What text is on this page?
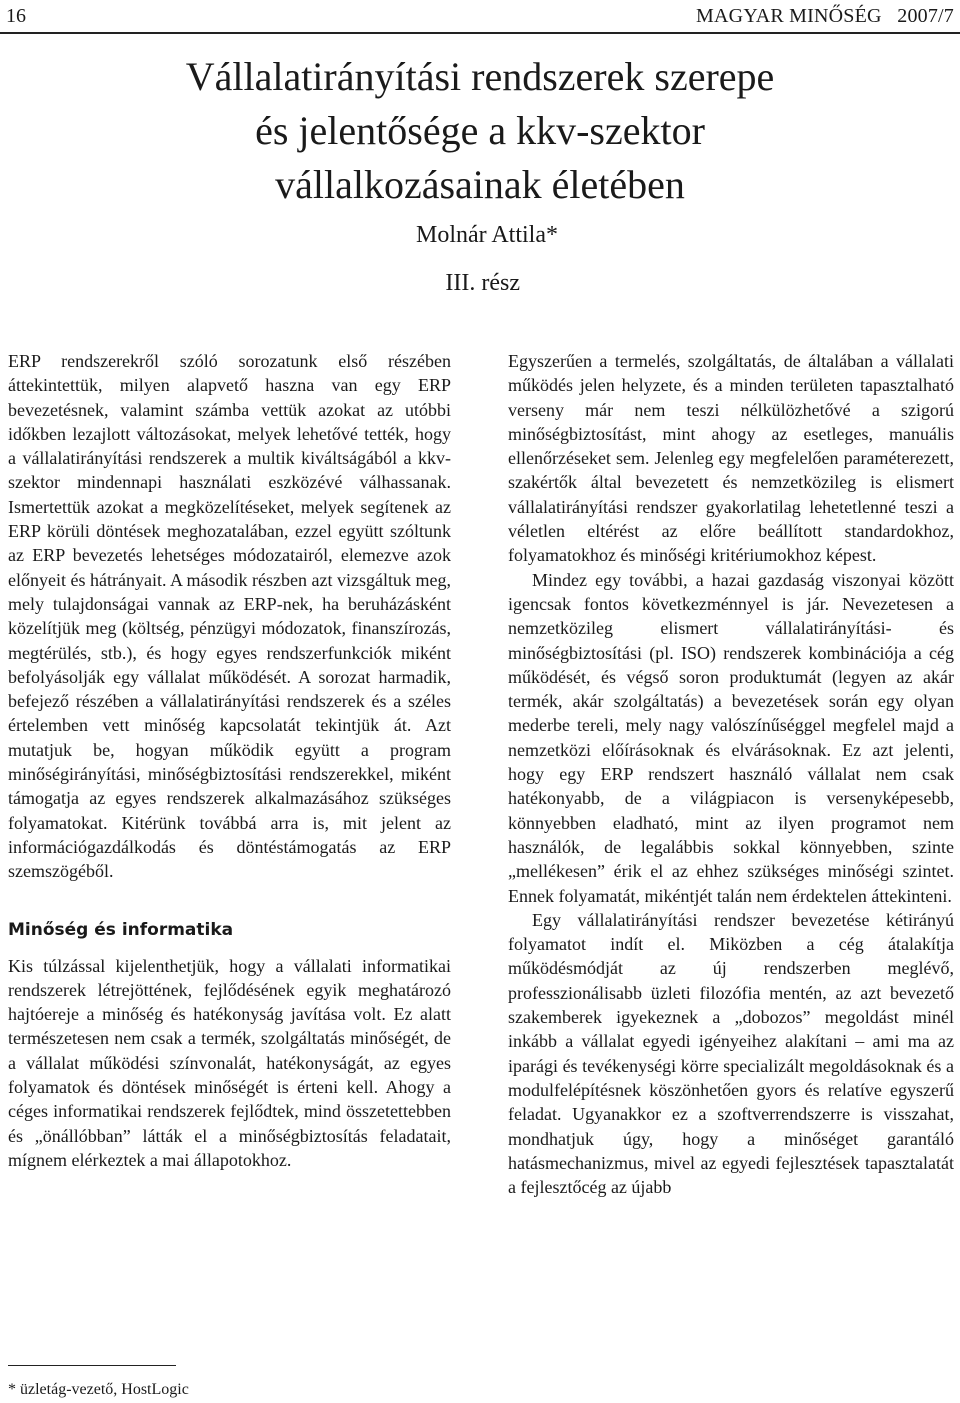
16	MAGYAR MINŐSÉG   2007/7
Vállalatirányítási rendszerek szerepe
és jelentősége a kkv-szektor
vállalkozásainak életében
Molnár Attila*
III. rész

ERP rendszerekről szóló sorozatunk első részében áttekintettük, milyen alapvető haszna van egy ERP bevezetésnek, valamint számba vettük azokat az utóbbi időkben lezajlott változásokat, melyek lehetővé tették, hogy a vállalatirányítási rendszerek a multik kiváltságából a kkv-szektor mindennapi használati eszközévé válhassanak. Ismertettük azokat a megközelítéseket, melyek segítenek az ERP körüli döntések meghozatalában, ezzel együtt szóltunk az ERP bevezetés lehetséges módozatairól, elemezve azok előnyeit és hátrányait. A második részben azt vizsgáltuk meg, mely tulajdonságai vannak az ERP-nek, ha beruházásként közelítjük meg (költség, pénzügyi módozatok, finanszírozás, megtérülés, stb.), és hogy egyes rendszerfunkciók miként befolyásolják egy vállalat működését. A sorozat harmadik, befejező részében a vállalatirányítási rendszerek és a széles értelemben vett minőség kapcsolatát tekintjük át. Azt mutatjuk be, hogyan működik együtt a program minőségirányítási, minőségbiztosítási rendszerekkel, miként támogatja az egyes rendszerek alkalmazásához szükséges folyamatokat. Kitérünk továbbá arra is, mit jelent az információgazdálkodás és döntéstámogatás az ERP szemszögéből.

Minőség és informatika

Kis túlzással kijelenthetjük, hogy a vállalati informatikai rendszerek létrejöttének, fejlődésének egyik meghatározó hajtóereje a minőség és hatékonyság javítása volt. Ez alatt természetesen nem csak a termék, szolgáltatás minőségét, de a vállalat működési színvonalát, hatékonyságát, az egyes folyamatok és döntések minőségét is érteni kell. Ahogy a céges informatikai rendszerek fejlődtek, mind összetettebben és „önállóbban” látták el a minőségbiztosítás feladatait, mígnem elérkeztek a mai állapotokhoz.

Egyszerűen a termelés, szolgáltatás, de általában a vállalati működés jelen helyzete, és a minden területen tapasztalható verseny már nem teszi nélkülözhetővé a szigorú minőségbiztosítást, mint ahogy az esetleges, manuális ellenőrzéseket sem. Jelenleg egy megfelelően paraméterezett, szakértők által bevezetett és nemzetközileg is elismert vállalatirányítási rendszer gyakorlatilag lehetetlenné teszi a véletlen eltérést az előre beállított standardokhoz, folyamatokhoz és minőségi kritériumokhoz képest.

Mindez egy további, a hazai gazdaság viszonyai között igencsak fontos következménnyel is jár. Nevezetesen a nemzetközileg elismert vállalatirányítási- és minőségbiztosítási (pl. ISO) rendszerek kombinációja a cég működését, és végső soron produktumát (legyen az akár termék, akár szolgáltatás) a bevezetések során egy olyan mederbe tereli, mely nagy valószínűséggel megfelel majd a nemzetközi előírásoknak és elvárásoknak. Ez azt jelenti, hogy egy ERP rendszert használó vállalat nem csak hatékonyabb, de a világpiacon is versenyképesebb, könnyebben eladható, mint az ilyen programot nem használók, de legalábbis sokkal könnyebben, szinte „mellékesen” érik el az ehhez szükséges minőségi szintet. Ennek folyamatát, mikéntjét talán nem érdektelen áttekinteni.

Egy vállalatirányítási rendszer bevezetése kétirányú folyamatot indít el. Miközben a cég átalakítja működésmódját az új rendszerben meglévő, professzionálisabb üzleti filozófia mentén, az azt bevezető szakemberek igyekeznek a „dobozos” megoldást minél inkább a vállalat egyedi igényeihez alakítani – ami ma az iparági és tevékenységi körre specializált megoldásoknak és a modulfelépítésnek köszönhetően gyors és relatíve egyszerű feladat. Ugyanakkor ez a szoftverrendszerre is visszahat, mondhatjuk úgy, hogy a minőséget garantáló hatásmechanizmus, mivel az egyedi fejlesztések tapasztalatát a fejlesztőcég az újabb

* üzletág-vezető, HostLogic
